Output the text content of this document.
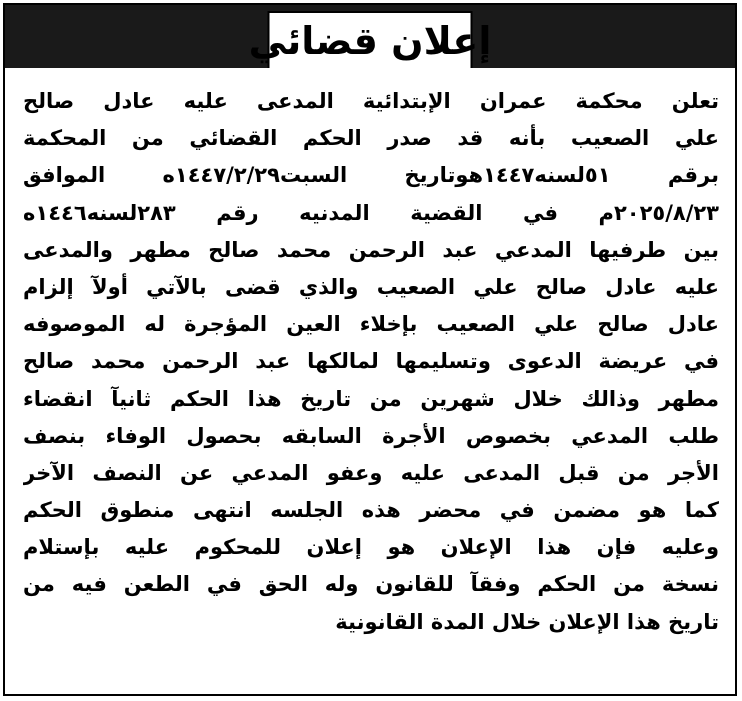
إعلان قضائي
تعلن محكمة عمران الإبتدائية المدعى عليه عادل صالح
علي الصعيب بأنه قد صدر الحكم القضائي من المحكمة
برقم ٥١لسنه١٤٤٧هوتاريخ السبت١٤٤٧/٢/٢٩ه الموافق
٢٠٢٥/٨/٢٣م في القضية المدنيه رقم ٢٨٣لسنه١٤٤٦ه
بين طرفيها المدعي عبد الرحمن محمد صالح مطهر والمدعى
عليه عادل صالح علي الصعيب والذي قضى بالآتي أولآ إلزام
عادل صالح علي الصعيب بإخلاء العين المؤجرة له الموصوفه
في عريضة الدعوى وتسليمها لمالكها عبد الرحمن محمد صالح
مطهر وذالك خلال شهرين من تاريخ هذا الحكم ثانيآ انقضاء
طلب المدعي بخصوص الأجرة السابقه بحصول الوفاء بنصف
الأجر من قبل المدعى عليه وعفو المدعي عن النصف الآخر
كما هو مضمن في محضر هذه الجلسه انتهى منطوق الحكم
وعليه فإن هذا الإعلان هو إعلان للمحكوم عليه بإستلام
نسخة من الحكم وفقآ للقانون وله الحق في الطعن فيه من
تاريخ هذا الإعلان خلال المدة القانونية
